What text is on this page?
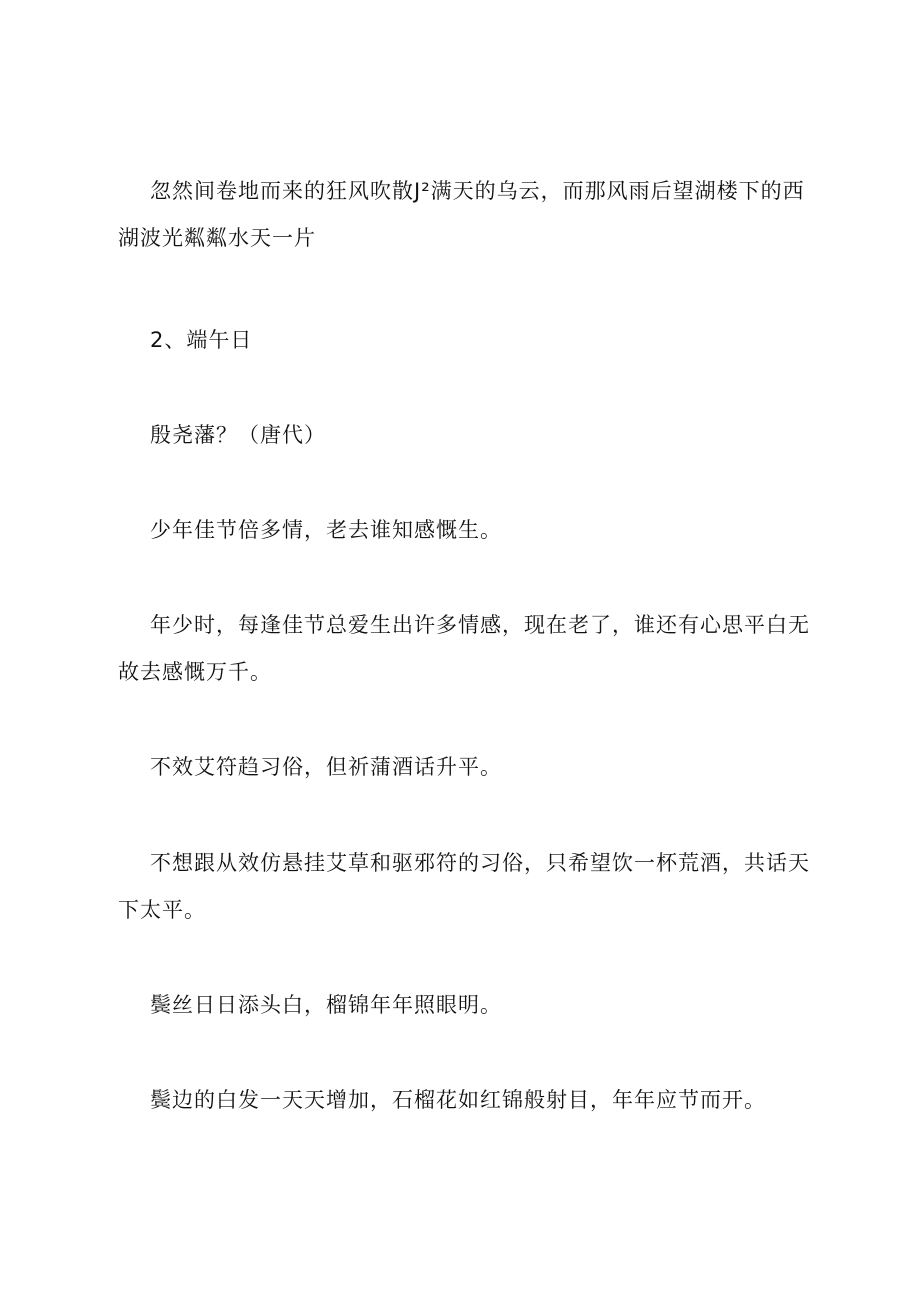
忽然间卷地而来的狂风吹散J²满天的乌云，而那风雨后望湖楼下的西

湖波光粼粼水天一片

2、端午日

殷尧藩？（唐代）

少年佳节倍多情，老去谁知感慨生。

年少时，每逢佳节总爱生出许多情感，现在老了，谁还有心思平白无

故去感慨万千。

不效艾符趋习俗，但祈蒲酒话升平。

不想跟从效仿悬挂艾草和驱邪符的习俗，只希望饮一杯荒酒，共话天

下太平。

鬓丝日日添头白，榴锦年年照眼明。

鬓边的白发一天天增加，石榴花如红锦般射目，年年应节而开。
